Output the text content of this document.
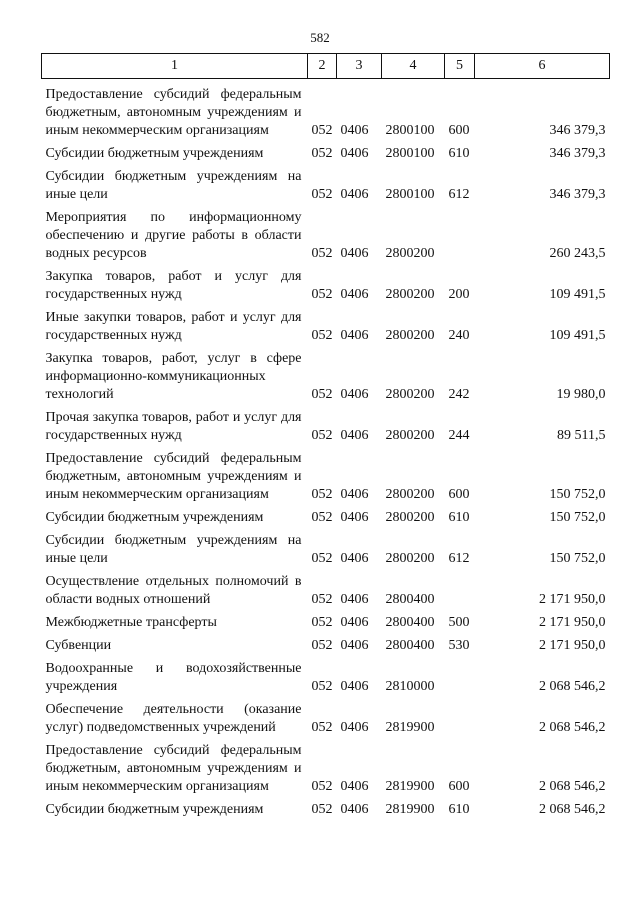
582
1	2	3	4	5	6
Предоставление субсидий федеральным бюджетным, автономным учреждениям и иным некоммерческим организациям	052	0406	2800100	600	346 379,3
Субсидии бюджетным учреждениям	052	0406	2800100	610	346 379,3
Субсидии бюджетным учреждениям на иные цели	052	0406	2800100	612	346 379,3
Мероприятия по информационному обеспечению и другие работы в области водных ресурсов	052	0406	2800200		260 243,5
Закупка товаров, работ и услуг для государственных нужд	052	0406	2800200	200	109 491,5
Иные закупки товаров, работ и услуг для государственных нужд	052	0406	2800200	240	109 491,5
Закупка товаров, работ, услуг в сфере информационно-коммуникационных технологий	052	0406	2800200	242	19 980,0
Прочая закупка товаров, работ и услуг для государственных нужд	052	0406	2800200	244	89 511,5
Предоставление субсидий федеральным бюджетным, автономным учреждениям и иным некоммерческим организациям	052	0406	2800200	600	150 752,0
Субсидии бюджетным учреждениям	052	0406	2800200	610	150 752,0
Субсидии бюджетным учреждениям на иные цели	052	0406	2800200	612	150 752,0
Осуществление отдельных полномочий в области водных отношений	052	0406	2800400		2 171 950,0
Межбюджетные трансферты	052	0406	2800400	500	2 171 950,0
Субвенции	052	0406	2800400	530	2 171 950,0
Водоохранные и водохозяйственные учреждения	052	0406	2810000		2 068 546,2
Обеспечение деятельности (оказание услуг) подведомственных учреждений	052	0406	2819900		2 068 546,2
Предоставление субсидий федеральным бюджетным, автономным учреждениям и иным некоммерческим организациям	052	0406	2819900	600	2 068 546,2
Субсидии бюджетным учреждениям	052	0406	2819900	610	2 068 546,2
